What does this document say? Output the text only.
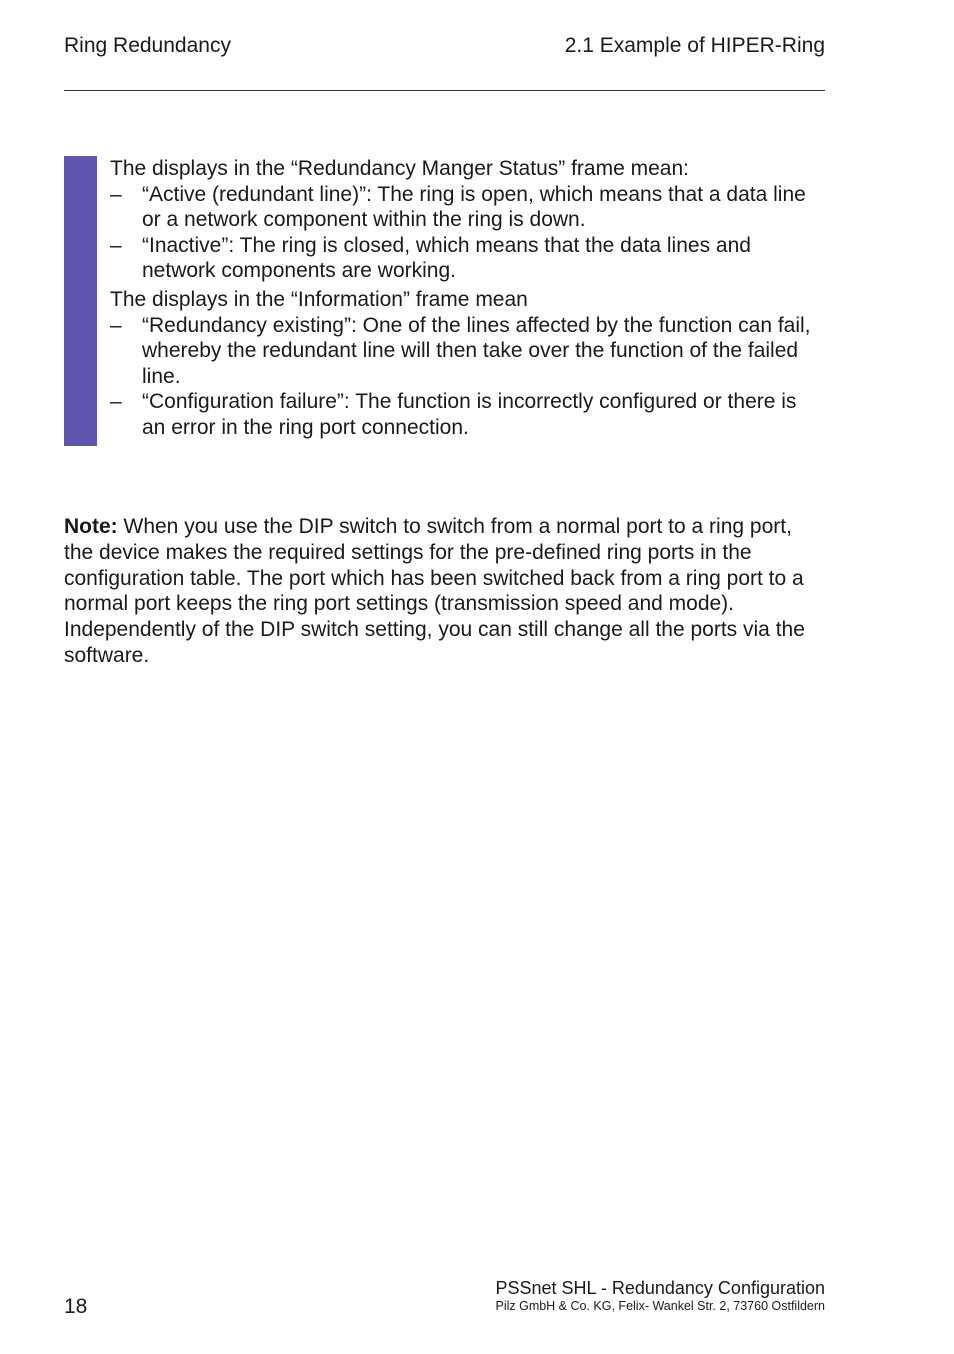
Ring Redundancy	2.1 Example of HIPER-Ring

The displays in the “Redundancy Manger Status” frame mean:

– “Active (redundant line)”: The ring is open, which means that a data line or a network component within the ring is down.
– “Inactive”: The ring is closed, which means that the data lines and network components are working.

The displays in the “Information” frame mean

– “Redundancy existing”: One of the lines affected by the function can fail, whereby the redundant line will then take over the function of the failed line.
– “Configuration failure”: The function is incorrectly configured or there is an error in the ring port connection.

Note: When you use the DIP switch to switch from a normal port to a ring port, the device makes the required settings for the pre-defined ring ports in the configuration table. The port which has been switched back from a ring port to a normal port keeps the ring port settings (transmission speed and mode). Independently of the DIP switch setting, you can still change all the ports via the software.

18
PSSnet SHL - Redundancy Configuration
Pilz GmbH & Co. KG, Felix- Wankel Str. 2, 73760 Ostfildern
